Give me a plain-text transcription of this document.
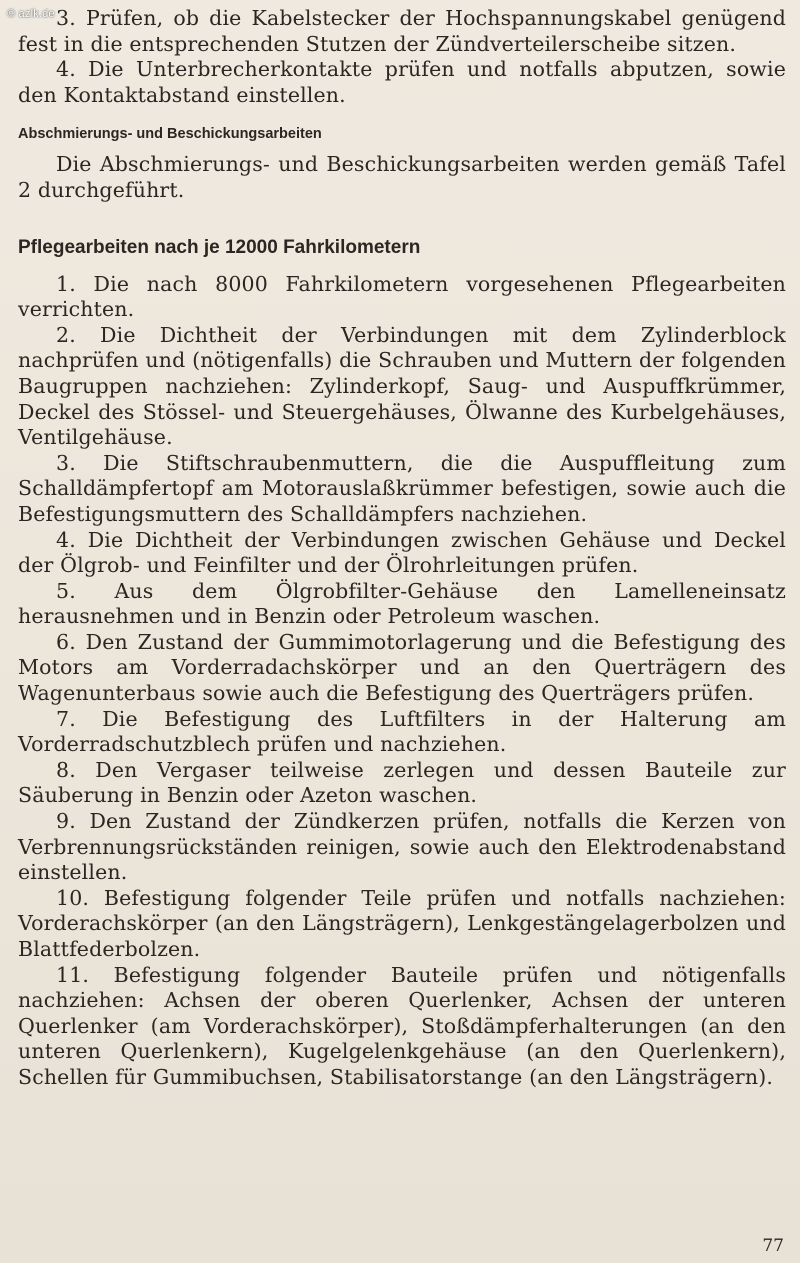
© azlk.de 3. Prüfen, ob die Kabelstecker der Hochspannungskabel genügend fest in die entsprechenden Stutzen der Zündverteilerscheibe sitzen.

4. Die Unterbrecherkontakte prüfen und notfalls abputzen, sowie den Kontaktabstand einstellen.

Abschmierungs- und Beschickungsarbeiten

Die Abschmierungs- und Beschickungsarbeiten werden gemäß Tafel 2 durchgeführt.

Pflegearbeiten nach je 12000 Fahrkilometern

1. Die nach 8000 Fahrkilometern vorgesehenen Pflegearbeiten verrichten.

2. Die Dichtheit der Verbindungen mit dem Zylinderblock nachprüfen und (nötigenfalls) die Schrauben und Muttern der folgenden Baugruppen nachziehen: Zylinderkopf, Saug- und Auspuffkrümmer, Deckel des Stössel- und Steuergehäuses, Ölwanne des Kurbelgehäuses, Ventilgehäuse.

3. Die Stiftschraubenmuttern, die die Auspuffleitung zum Schalldämpfertopf am Motorauslaßkrümmer befestigen, sowie auch die Befestigungsmuttern des Schalldämpfers nachziehen.

4. Die Dichtheit der Verbindungen zwischen Gehäuse und Deckel der Ölgrob- und Feinfilter und der Ölrohrleitungen prüfen.

5. Aus dem Ölgrobfilter-Gehäuse den Lamelleneinsatz herausnehmen und in Benzin oder Petroleum waschen.

6. Den Zustand der Gummimotorlagerung und die Befestigung des Motors am Vorderradachskörper und an den Querträgern des Wagenunterbaus sowie auch die Befestigung des Querträgers prüfen.

7. Die Befestigung des Luftfilters in der Halterung am Vorderradschutzblech prüfen und nachziehen.

8. Den Vergaser teilweise zerlegen und dessen Bauteile zur Säuberung in Benzin oder Azeton waschen.

9. Den Zustand der Zündkerzen prüfen, notfalls die Kerzen von Verbrennungsrückständen reinigen, sowie auch den Elektrodenabstand einstellen.

10. Befestigung folgender Teile prüfen und notfalls nachziehen: Vorderachskörper (an den Längsträgern), Lenkgestängelagerbolzen und Blattfederbolzen.

11. Befestigung folgender Bauteile prüfen und nötigenfalls nachziehen: Achsen der oberen Querlenker, Achsen der unteren Querlenker (am Vorderachskörper), Stoßdämpferhalterungen (an den unteren Querlenkern), Kugelgelenkgehäuse (an den Querlenkern), Schellen für Gummibuchsen, Stabilisatorstange (an den Längsträgern).

77
